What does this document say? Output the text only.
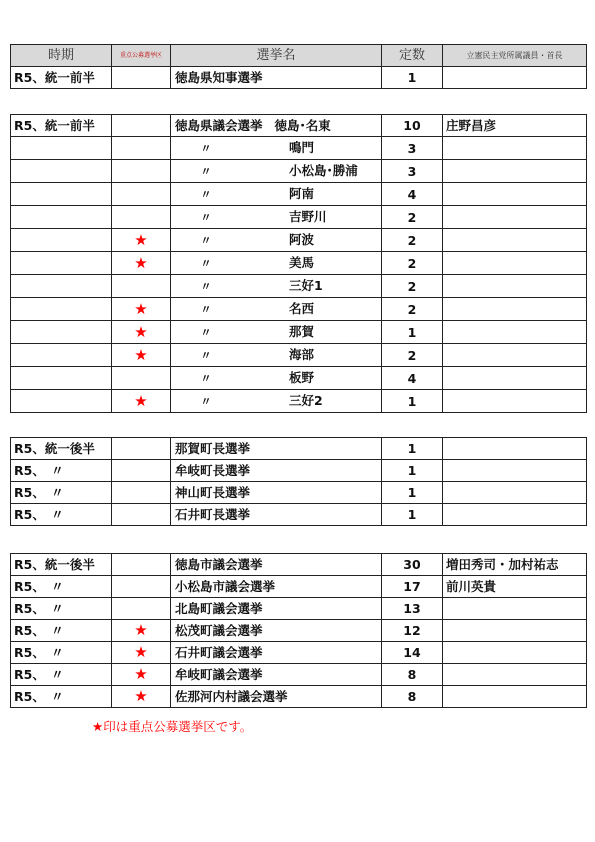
時期	重点公募選挙区	選挙名	定数	立憲民主党所属議員・首長
R5、統一前半		徳島県知事選挙	1	
R5、統一前半		徳島県議会選挙 徳島･名東	10	庄野昌彦
		〃 鳴門	3	
		〃 小松島･勝浦	3	
		〃 阿南	4	
		〃 吉野川	2	
	★	〃 阿波	2	
	★	〃 美馬	2	
		〃 三好1	2	
	★	〃 名西	2	
	★	〃 那賀	1	
	★	〃 海部	2	
		〃 板野	4	
	★	〃 三好2	1	
R5、統一後半		那賀町長選挙	1	
R5、　〃		牟岐町長選挙	1	
R5、　〃		神山町長選挙	1	
R5、　〃		石井町長選挙	1	
R5、統一後半		徳島市議会選挙	30	増田秀司・加村祐志
R5、　〃		小松島市議会選挙	17	前川英貴
R5、　〃		北島町議会選挙	13	
R5、　〃	★	松茂町議会選挙	12	
R5、　〃	★	石井町議会選挙	14	
R5、　〃	★	牟岐町議会選挙	8	
R5、　〃	★	佐那河内村議会選挙	8	
★印は重点公募選挙区です。
